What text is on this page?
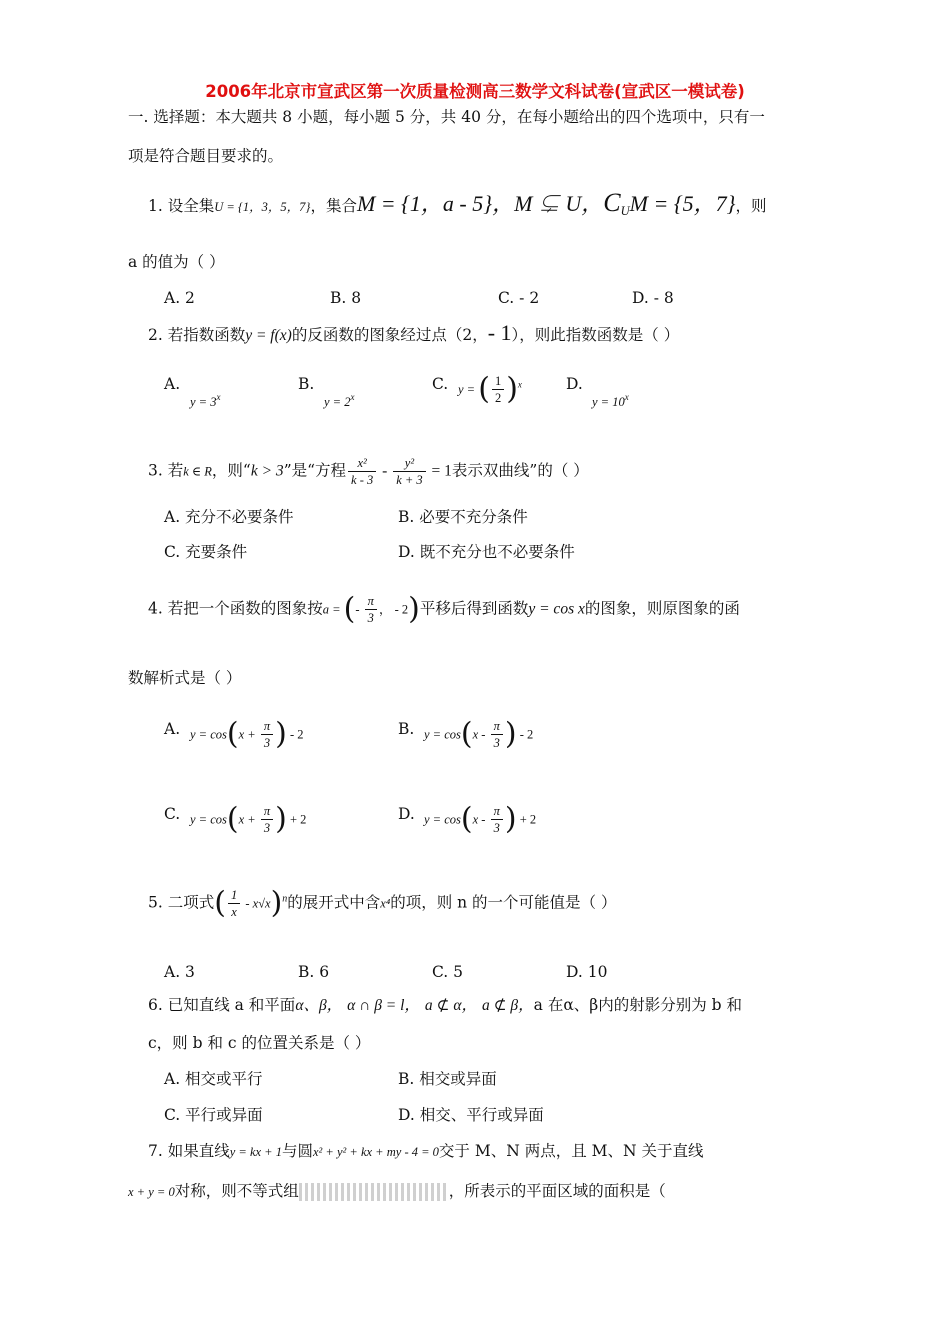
2006年北京市宣武区第一次质量检测高三数学文科试卷(宣武区一模试卷)
一. 选择题：本大题共 8 小题，每小题 5 分，共 40 分，在每小题给出的四个选项中，只有一
项是符合题目要求的。
1. 设全集U = {1，3，5，7}，集合M = {1，a - 5}，M ⊊ U，$C_UM = \{5$，7}，则
a 的值为（ ）
A. 2	B. 8	C. - 2	D. - 8
2. 若指数函数y = f(x)的反函数的图象经过点（2，- 1），则此指数函数是（ ）
A.
$y = 3^x$
B.
$y = 2^x$
C. y = ( $\frac{1}{2} )^x$	D.
$y = 10^x$
3. 若k ∈ R，则“k > 3”是“方程 $\frac{\text{x²}}{k - 3} - \frac{\text{y²}}{k + 3} = 1$表示双曲线”的（ ）
A. 充分不必要条件	B. 必要不充分条件
C. 充要条件	D. 既不充分也不必要条件
4. 若把一个函数的图象按a = (- $\frac{\pi}{3}$ ， - 2)平移后得到函数y = cos x的图象，则原图象的函
数解析式是（ ）
A. $y = \cos(x + \frac{\pi}{3}$ ) - 2	B. $y = \cos(x - \frac{\pi}{3}$ ) - 2
C. $y = \cos(x + \frac{\pi}{3}$ ) + 2	D. $y = \cos(x - \frac{\pi}{3}$ ) + 2
5. 二项式( $\frac{1}{x} - x√x)^n$的展开式中含x⁴的项，则 n 的一个可能值是（ ）
A. 3	B. 6	C. 5	D. 10
6. 已知直线 a 和平面α、β， α ∩ β = l， a ⊄ α， a ⊄ β，a 在α、β内的射影分别为 b 和
c，则 b 和 c 的位置关系是（ ）
A. 相交或平行	B. 相交或异面
C. 平行或异面	D. 相交、平行或异面
7. 如果直线y = kx + 1与圆x² + y² + kx + my - 4 = 0交于 M、N 两点，且 M、N 关于直线
x + y = 0对称，则不等式组	，所表示的平面区域的面积是（
